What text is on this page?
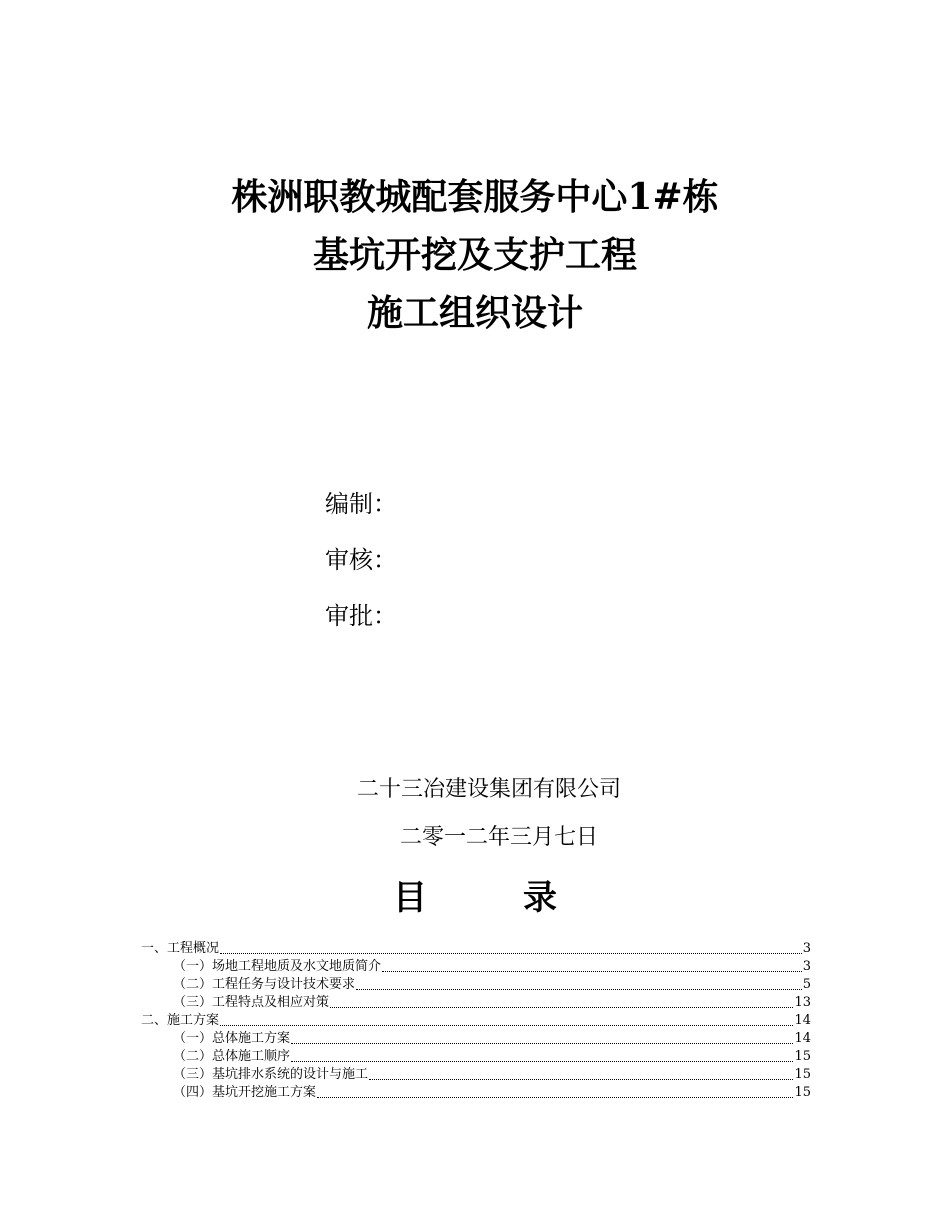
株洲职教城配套服务中心1#栋
基坑开挖及支护工程
施工组织设计
编制：
审核：
审批：
二十三冶建设集团有限公司
二零一二年三月七日
目	录
一、工程概况	3
（一）场地工程地质及水文地质简介	3
（二）工程任务与设计技术要求	5
（三）工程特点及相应对策	13
二、施工方案	14
（一）总体施工方案	14
（二）总体施工顺序	15
（三）基坑排水系统的设计与施工	15
（四）基坑开挖施工方案	15
